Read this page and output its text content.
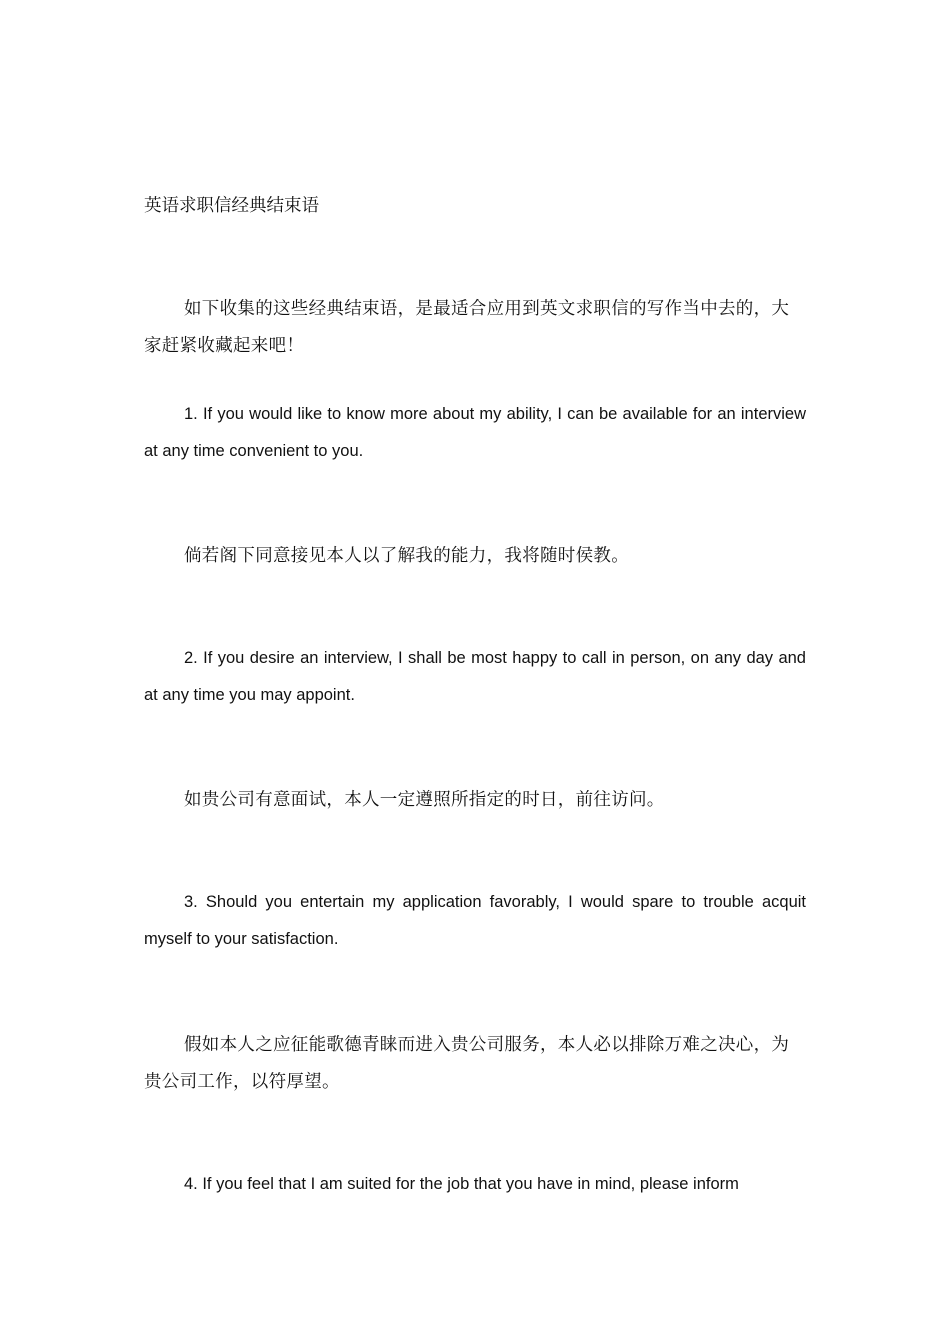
英语求职信经典结束语

如下收集的这些经典结束语，是最适合应用到英文求职信的写作当中去的，大家赶紧收藏起来吧！

1. If you would like to know more about my ability, I can be available for an interview at any time convenient to you.

倘若阁下同意接见本人以了解我的能力，我将随时侯教。

2. If you desire an interview, I shall be most happy to call in person, on any day and at any time you may appoint.

如贵公司有意面试，本人一定遵照所指定的时日，前往访问。

3. Should you entertain my application favorably, I would spare to trouble acquit myself to your satisfaction.

假如本人之应征能歌德青睐而进入贵公司服务，本人必以排除万难之决心，为贵公司工作，以符厚望。

4. If you feel that I am suited for the job that you have in mind, please inform
